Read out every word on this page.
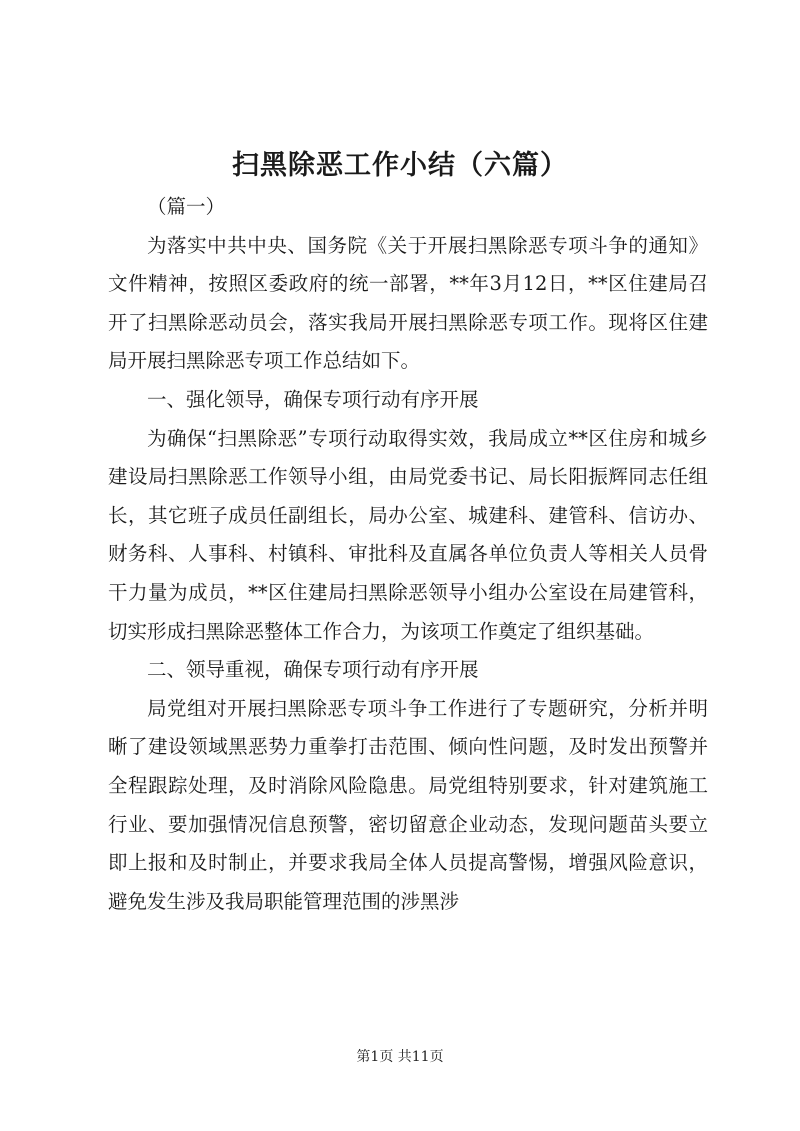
扫黑除恶工作小结（六篇）

（篇一）

为落实中共中央、国务院《关于开展扫黑除恶专项斗争的通知》文件精神，按照区委政府的统一部署，**年3月12日，**区住建局召开了扫黑除恶动员会，落实我局开展扫黑除恶专项工作。现将区住建局开展扫黑除恶专项工作总结如下。

一、强化领导，确保专项行动有序开展

为确保“扫黑除恶”专项行动取得实效，我局成立**区住房和城乡建设局扫黑除恶工作领导小组，由局党委书记、局长阳振辉同志任组长，其它班子成员任副组长，局办公室、城建科、建管科、信访办、财务科、人事科、村镇科、审批科及直属各单位负责人等相关人员骨干力量为成员，**区住建局扫黑除恶领导小组办公室设在局建管科，切实形成扫黑除恶整体工作合力，为该项工作奠定了组织基础。

二、领导重视，确保专项行动有序开展

局党组对开展扫黑除恶专项斗争工作进行了专题研究，分析并明晰了建设领域黑恶势力重拳打击范围、倾向性问题，及时发出预警并全程跟踪处理，及时消除风险隐患。局党组特别要求，针对建筑施工行业、要加强情况信息预警，密切留意企业动态，发现问题苗头要立即上报和及时制止，并要求我局全体人员提高警惕，增强风险意识，避免发生涉及我局职能管理范围的涉黑涉

第1页 共11页
